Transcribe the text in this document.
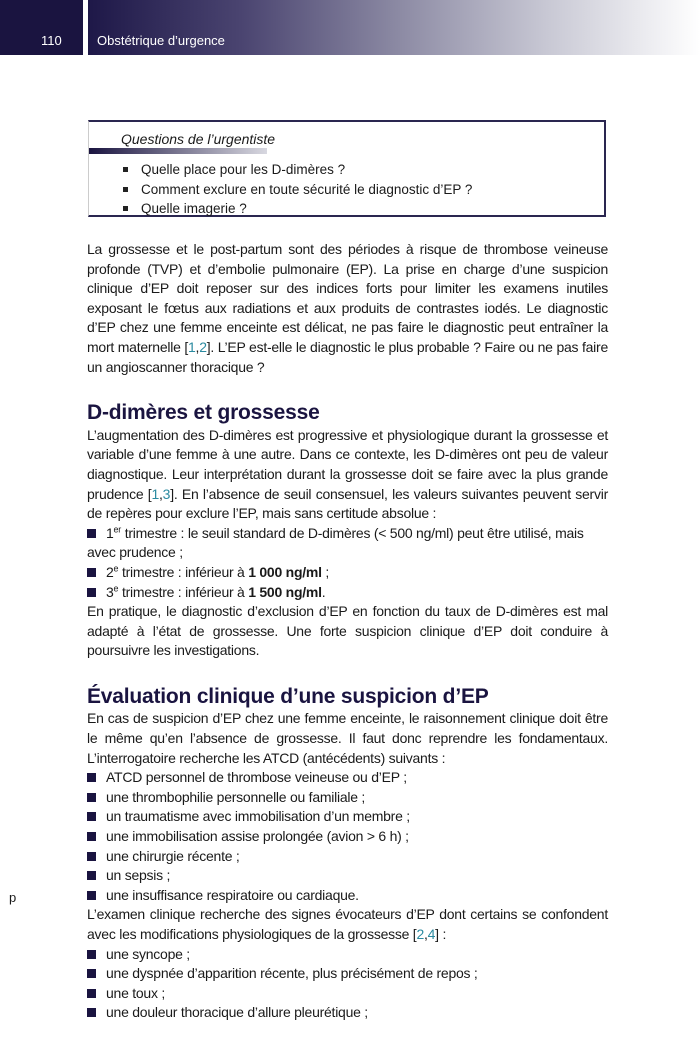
110	Obstétrique d’urgence
Questions de l’urgentiste
Quelle place pour les D-dimères ?
Comment exclure en toute sécurité le diagnostic d’EP ?
Quelle imagerie ?

La grossesse et le post-partum sont des périodes à risque de thrombose veineuse profonde (TVP) et d’embolie pulmonaire (EP). La prise en charge d’une suspicion clinique d’EP doit reposer sur des indices forts pour limiter les examens inutiles exposant le fœtus aux radiations et aux produits de contrastes iodés. Le diagnostic d’EP chez une femme enceinte est délicat, ne pas faire le diagnostic peut entraîner la mort maternelle [1,2]. L’EP est-elle le diagnostic le plus probable ? Faire ou ne pas faire un angioscanner thoracique ?

D-dimères et grossesse

L’augmentation des D-dimères est progressive et physiologique durant la grossesse et variable d’une femme à une autre. Dans ce contexte, les D-dimères ont peu de valeur diagnostique. Leur interprétation durant la grossesse doit se faire avec la plus grande prudence [1,3]. En l’absence de seuil consensuel, les valeurs suivantes peuvent servir de repères pour exclure l’EP, mais sans certitude absolue :

1er trimestre : le seuil standard de D-dimères (< 500 ng/ml) peut être utilisé, mais avec prudence ;
2e trimestre : inférieur à 1 000 ng/ml ;
3e trimestre : inférieur à 1 500 ng/ml.

En pratique, le diagnostic d’exclusion d’EP en fonction du taux de D-dimères est mal adapté à l’état de grossesse. Une forte suspicion clinique d’EP doit conduire à poursuivre les investigations.

Évaluation clinique d’une suspicion d’EP

En cas de suspicion d’EP chez une femme enceinte, le raisonnement clinique doit être le même qu’en l’absence de grossesse. Il faut donc reprendre les fondamentaux. L’interrogatoire recherche les ATCD (antécédents) suivants :

ATCD personnel de thrombose veineuse ou d’EP ;
une thrombophilie personnelle ou familiale ;
un traumatisme avec immobilisation d’un membre ;
une immobilisation assise prolongée (avion > 6 h) ;
une chirurgie récente ;
un sepsis ;
une insuffisance respiratoire ou cardiaque.

L’examen clinique recherche des signes évocateurs d’EP dont certains se confondent avec les modifications physiologiques de la grossesse [2,4] :

une syncope ;
une dyspnée d’apparition récente, plus précisément de repos ;
une toux ;
une douleur thoracique d’allure pleurétique ;
p
